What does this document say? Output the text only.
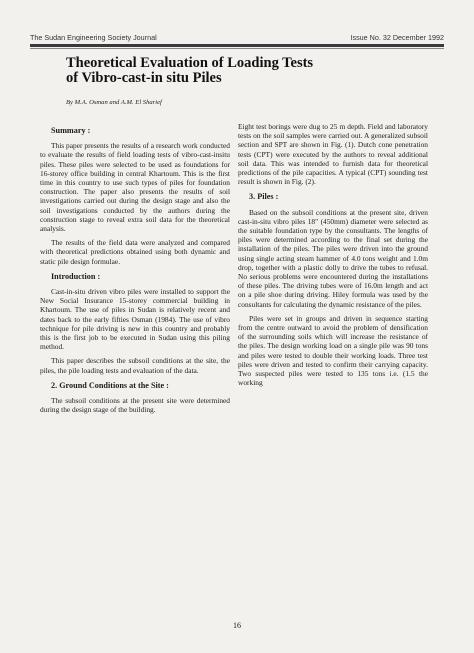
The Sudan Engineering Society Journal	Issue No. 32 December 1992
Theoretical Evaluation of Loading Tests
of Vibro-cast-in situ Piles
By M.A. Osman and A.M. El Sharief
Summary :

This paper presents the results of a research work conducted to evaluate the results of field loading tests of vibro-cast-insitu piles. These piles were selected to be used as foundations for 16-storey office building in central Khartoum. This is the first time in this country to use such types of piles for foundation construction. The paper also presents the results of soil investigations carried out during the design stage and also the soil investigations conducted by the authors during the construction stage to reveal extra soil data for the theoretical analysis.

The results of the field data were analyzed and compared with theoretical predictions obtained using both dynamic and static pile design formulae.

Introduction :

Cast-in-situ driven vibro piles were installed to support the New Social Insurance 15-storey commercial building in Khartoum. The use of piles in Sudan is relatively recent and dates back to the early fifties Osman (1984). The use of vibro technique for pile driving is new in this country and probably this is the first job to be executed in Sudan using this piling method.

This paper describes the subsoil conditions at the site, the piles, the pile loading tests and evaluation of the data.

2. Ground Conditions at the Site :

The subsoil conditions at the present site were determined during the design stage of the building.

Eight test borings were dug to 25 m depth. Field and laboratory tests on the soil samples were carried out. A generalized subsoil section and SPT are shown in Fig. (1). Dutch cone penetration tests (CPT) were executed by the authors to reveal additional soil data. This was intended to furnish data for theoretical predictions of the pile capacities. A typical (CPT) sounding test result is shown in Fig. (2).

3. Piles :

Based on the subsoil conditions at the present site, driven cast-in-situ vibro piles 18" (450mm) diameter were selected as the suitable foundation type by the consultants. The lengths of piles were determined according to the final set during the installation of the piles. The piles were driven into the ground using single acting steam hammer of 4.0 tons weight and 1.0m drop, together with a plastic dolly to drive the tubes to refusal. No serious problems were encountered during the installations of these piles. The driving tubes were of 16.0m length and act on a pile shoe during driving. Hiley formula was used by the consultants for calculating the dynamic resistance of the piles.

Piles were set in groups and driven in sequence starting from the centre outward to avoid the problem of densification of the surrounding soils which will increase the resistance of the piles. The design working load on a single pile was 90 tons and piles were tested to double their working loads. Three test piles were driven and tested to confirm their carrying capacity. Two suspected piles were tested to 135 tons i.e. (1.5 the working

16
